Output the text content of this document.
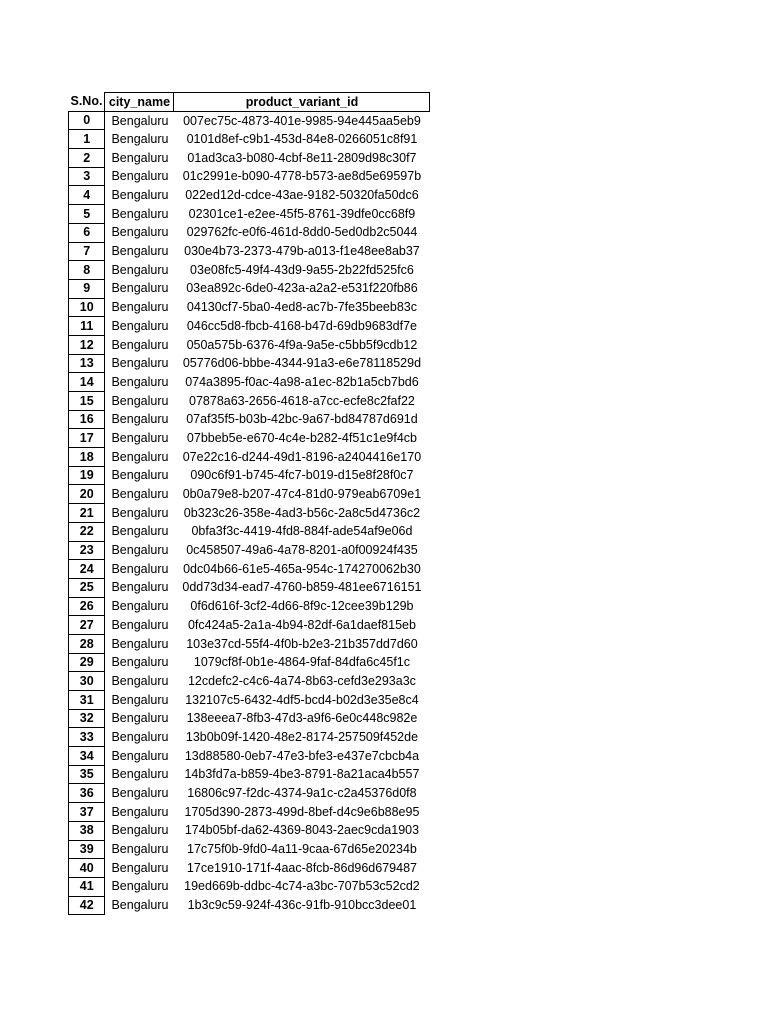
S.No.	city_name	product_variant_id
0	Bengaluru	007ec75c-4873-401e-9985-94e445aa5eb9
1	Bengaluru	0101d8ef-c9b1-453d-84e8-0266051c8f91
2	Bengaluru	01ad3ca3-b080-4cbf-8e11-2809d98c30f7
3	Bengaluru	01c2991e-b090-4778-b573-ae8d5e69597b
4	Bengaluru	022ed12d-cdce-43ae-9182-50320fa50dc6
5	Bengaluru	02301ce1-e2ee-45f5-8761-39dfe0cc68f9
6	Bengaluru	029762fc-e0f6-461d-8dd0-5ed0db2c5044
7	Bengaluru	030e4b73-2373-479b-a013-f1e48ee8ab37
8	Bengaluru	03e08fc5-49f4-43d9-9a55-2b22fd525fc6
9	Bengaluru	03ea892c-6de0-423a-a2a2-e531f220fb86
10	Bengaluru	04130cf7-5ba0-4ed8-ac7b-7fe35beeb83c
11	Bengaluru	046cc5d8-fbcb-4168-b47d-69db9683df7e
12	Bengaluru	050a575b-6376-4f9a-9a5e-c5bb5f9cdb12
13	Bengaluru	05776d06-bbbe-4344-91a3-e6e78118529d
14	Bengaluru	074a3895-f0ac-4a98-a1ec-82b1a5cb7bd6
15	Bengaluru	07878a63-2656-4618-a7cc-ecfe8c2faf22
16	Bengaluru	07af35f5-b03b-42bc-9a67-bd84787d691d
17	Bengaluru	07bbeb5e-e670-4c4e-b282-4f51c1e9f4cb
18	Bengaluru	07e22c16-d244-49d1-8196-a2404416e170
19	Bengaluru	090c6f91-b745-4fc7-b019-d15e8f28f0c7
20	Bengaluru	0b0a79e8-b207-47c4-81d0-979eab6709e1
21	Bengaluru	0b323c26-358e-4ad3-b56c-2a8c5d4736c2
22	Bengaluru	0bfa3f3c-4419-4fd8-884f-ade54af9e06d
23	Bengaluru	0c458507-49a6-4a78-8201-a0f00924f435
24	Bengaluru	0dc04b66-61e5-465a-954c-174270062b30
25	Bengaluru	0dd73d34-ead7-4760-b859-481ee6716151
26	Bengaluru	0f6d616f-3cf2-4d66-8f9c-12cee39b129b
27	Bengaluru	0fc424a5-2a1a-4b94-82df-6a1daef815eb
28	Bengaluru	103e37cd-55f4-4f0b-b2e3-21b357dd7d60
29	Bengaluru	1079cf8f-0b1e-4864-9faf-84dfa6c45f1c
30	Bengaluru	12cdefc2-c4c6-4a74-8b63-cefd3e293a3c
31	Bengaluru	132107c5-6432-4df5-bcd4-b02d3e35e8c4
32	Bengaluru	138eeea7-8fb3-47d3-a9f6-6e0c448c982e
33	Bengaluru	13b0b09f-1420-48e2-8174-257509f452de
34	Bengaluru	13d88580-0eb7-47e3-bfe3-e437e7cbcb4a
35	Bengaluru	14b3fd7a-b859-4be3-8791-8a21aca4b557
36	Bengaluru	16806c97-f2dc-4374-9a1c-c2a45376d0f8
37	Bengaluru	1705d390-2873-499d-8bef-d4c9e6b88e95
38	Bengaluru	174b05bf-da62-4369-8043-2aec9cda1903
39	Bengaluru	17c75f0b-9fd0-4a11-9caa-67d65e20234b
40	Bengaluru	17ce1910-171f-4aac-8fcb-86d96d679487
41	Bengaluru	19ed669b-ddbc-4c74-a3bc-707b53c52cd2
42	Bengaluru	1b3c9c59-924f-436c-91fb-910bcc3dee01
